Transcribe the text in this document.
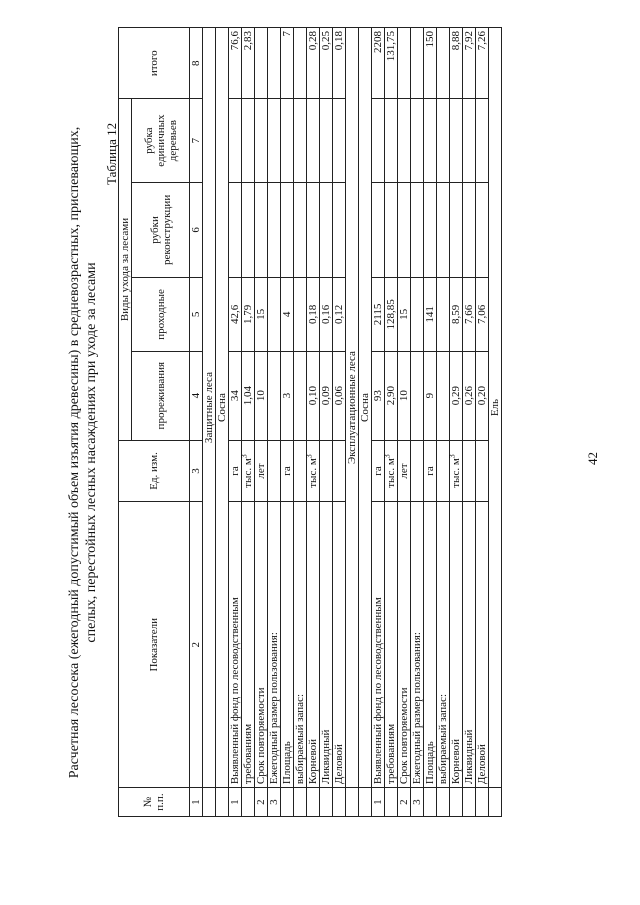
Расчетная лесосека (ежегодный допустимый объем изъятия древесины) в средневозрастных, приспевающих, спелых, перестойных лесных насаждениях при уходе за лесами
Таблица 12
№ п.п.	Показатели	Ед. изм.	Виды ухода за лесами				итого
			прореживания	проходные	рубки реконструкции	рубка единичных деревьев	
1	2	3	4	5	6	7	8
	Защитные леса						
	Сосна						
1	Выявленный фонд по лесоводственным	га	34	42,6			76,6
	требованиям	тыс. $м^3$	1,04	1,79			2,83
2	Срок повторяемости	лет	10	15			
3	Ежегодный размер пользования:						
	Площадь	га	3	4			7
	выбираемый запас:						
	Корневой	тыс. $м^3$	0,10	0,18			0,28
	Ликвидный		0,09	0,16			0,25
	Деловой		0,06	0,12			0,18
	Эксплуатационные леса						
	Сосна						
1	Выявленный фонд по лесоводственным	га	93	2115			2208
	требованиям	тыс. $м^3$	2,90	128,85			131,75
2	Срок повторяемости	лет	10	15			
3	Ежегодный размер пользования:						
	Площадь	га	9	141			150
	выбираемый запас:						
	Корневой	тыс. $м^3$	0,29	8,59			8,88
	Ликвидный		0,26	7,66			7,92
	Деловой		0,20	7,06			7,26
	Ель						
42
